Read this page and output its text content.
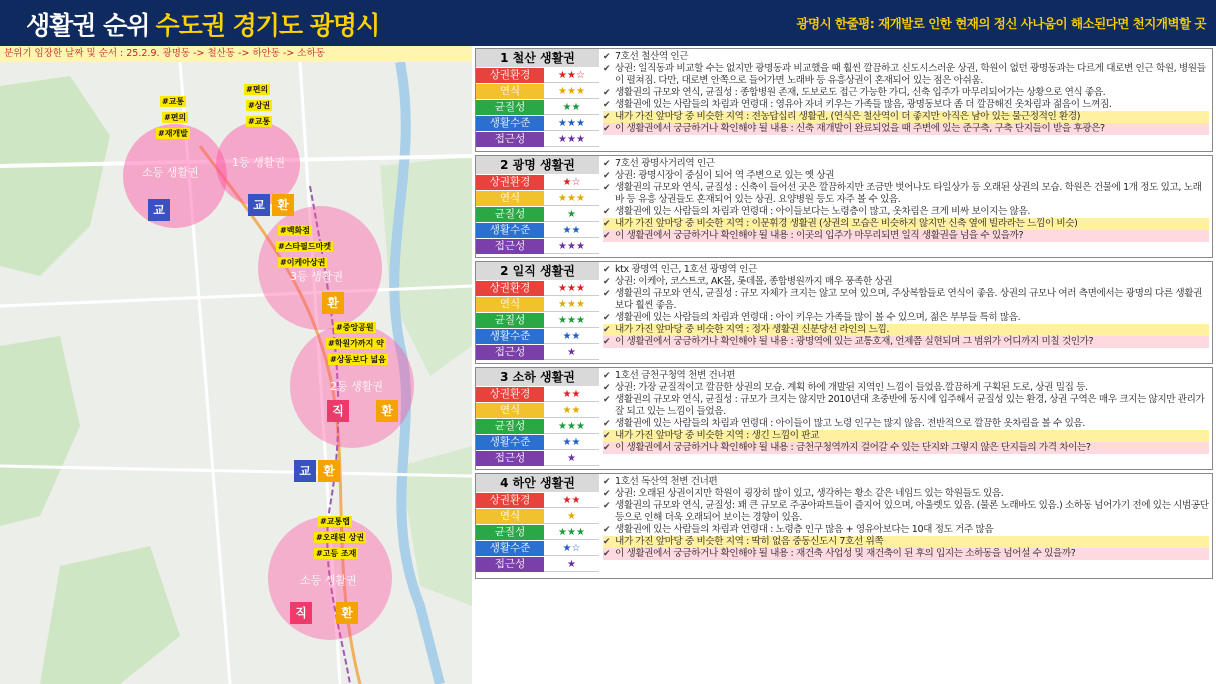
생활권 순위 수도권 경기도 광명시	광명시 한줄평: 재개발로 인한 현재의 정신 사나움이 해소된다면 천지개벽할 곳
분위기 임장한 날짜 및 순서 : 25.2.9. 광명동 -> 철산동 -> 하안동 -> 소하동
소등 생활권
#교통
#편의
#재개발
교
1등 생활권
#편의
#상권
#교통
교	환
3등 생활권
#백화점
#스타필드마켓
#이케아상권
환
2등 생활권
#중앙공원
#학원가까지 약
#상동보다 넓음
직	환
교	환
소등 생활권
#교통랩
#오래된 상권
#고등 조재
직	환
1 철산 생활권
상권환경	★★☆
연식	★★★
균질성	★★
생활수준	★★★
접근성	★★★
✔ 7호선 철산역 인근
✔ 상권: 일직동과 비교할 수는 없지만 광명동과 비교했을 때 훨씬 깔끔하고 신도시스러운 상권, 학원이 없던 광명동과는 다르게 대로변 인근 학원, 병원들이 펼쳐짐. 다만, 대로변 안쪽으로 들어가면 노래바 등 유흥상권이 혼재되어 있는 점은 아쉬움.
✔ 생활권의 규모와 연식, 균질성 : 종합병원 존재, 도보로도 접근 가능한 가디, 신축 입주가 마무리되어가는 상황으로 연식 좋음.
✔ 생활권에 있는 사람들의 차림과 연령대 : 영유아 자녀 키우는 가족들 많음, 광명동보다 좀 더 깔끔해진 옷차림과 젊음이 느껴짐.
✔ 내가 가진 앞마당 중 비슷한 지역 : 전농답십리 생활권, (연식은 철산역이 더 좋지만 아직은 남아 있는 물근정적인 환경)
✔ 이 생활권에서 궁금하거나 확인해야 될 내용 : 신축 재개발이 완료되었을 때 주변에 있는 준구축, 구축 단지들이 받을 후광은?
2 광명 생활권
상권환경	★☆
연식	★★★
균질성	★
생활수준	★★
접근성	★★★
✔ 7호선 광명사거리역 인근
✔ 상권: 광명시장이 중심이 되어 역 주변으로 있는 옛 상권
✔ 생활권의 규모와 연식, 균질성 : 신축이 들어선 곳은 깔끔하지만 조금만 벗어나도 타일상가 등 오래된 상권의 모습. 학원은 건물에 1개 정도 있고, 노래바 등 유흥 상권들도 혼재되어 있는 상권. 요양병원 등도 자주 볼 수 있음.
✔ 생활권에 있는 사람들의 차림과 연령대 : 아이들보다는 노령층이 많고, 옷차림은 크게 비싸 보이지는 않음.
✔ 내가 가진 앞마당 중 비슷한 지역 : 이문휘경 생활권 (상권의 모습은 비슷하지 않지만 신축 옆에 빌라라는 느낌이 비슷)
✔ 이 생활권에서 궁금하거나 확인해야 될 내용 : 이곳의 입주가 마무리되면 일직 생활권을 넘을 수 있을까?
2 일직 생활권
상권환경	★★★
연식	★★★
균질성	★★★
생활수준	★★
접근성	★
✔ ktx 광명역 인근, 1호선 광명역 인근
✔ 상권: 이케아, 코스트코, AK몰, 롯데몰, 종합병원까지 매우 풍족한 상권
✔ 생활권의 규모와 연식, 균질성 : 규모 자체가 크지는 않고 모여 있으며, 주상복합들로 연식이 좋음. 상권의 규모나 여러 측면에서는 광명의 다른 생활권보다 훨씬 좋음.
✔ 생활권에 있는 사람들의 차림과 연령대 : 아이 키우는 가족들 많이 볼 수 있으며, 젊은 부부들 특히 많음.
✔ 내가 가진 앞마당 중 비슷한 지역 : 정자 생활권 신분당선 라인의 느낌.
✔ 이 생활권에서 궁금하거나 확인해야 될 내용 : 광명역에 있는 교통호재, 언제쯤 실현되며 그 범위가 어디까지 미칠 것인가?
3 소하 생활권
상권환경	★★
연식	★★
균질성	★★★
생활수준	★★
접근성	★
✔ 1호선 금천구청역 천변 건너편
✔ 상권: 가장 균질적이고 깔끔한 상권의 모습. 계획 하에 개발된 지역인 느낌이 들었음.깔끔하게 구획된 도로, 상권 밀집 등.
✔ 생활권의 규모와 연식, 균질성 : 규모가 크지는 않지만 2010년대 초중반에 동시에 입주해서 균질성 있는 환경, 상권 구역은 매우 크지는 않지만 관리가 잘 되고 있는 느낌이 들었음.
✔ 생활권에 있는 사람들의 차림과 연령대 : 아이들이 많고 노령 인구는 많지 않음. 전반적으로 깔끔한 옷차림을 볼 수 있음.
✔ 내가 가진 앞마당 중 비슷한 지역 : 생긴 느낌이 판교
✔ 이 생활권에서 궁금하거나 확인해야 될 내용 : 금천구청역까지 걸어갈 수 있는 단지와 그렇지 않은 단지들의 가격 차이는?
4 하안 생활권
상권환경	★★
연식	★
균질성	★★★
생활수준	★☆
접근성	★
✔ 1호선 독산역 천변 건너편
✔ 상권: 오래된 상권이지만 학원이 굉장히 많이 있고, 생각하는 황소 같은 네임드 있는 학원들도 있음.
✔ 생활권의 규모와 연식, 균질성: 꽤 큰 규모로 주공아파트들이 즐지어 있으며, 아울렛도 있음. (물론 노래바도 있음.) 소하동 넘어가기 전에 있는 시범공단 등으로 인해 더욱 오래되어 보이는 경향이 있음.
✔ 생활권에 있는 사람들의 차림과 연령대 : 노령층 인구 많음 + 영유아보다는 10대 정도 거주 많음
✔ 내가 가진 앞마당 중 비슷한 지역 : 딱히 없음 중동신도시 7호선 위쪽
✔ 이 생활권에서 궁금하거나 확인해야 될 내용 : 재건축 사업성 및 재건축이 된 후의 입지는 소하동을 넘어설 수 있을까?
